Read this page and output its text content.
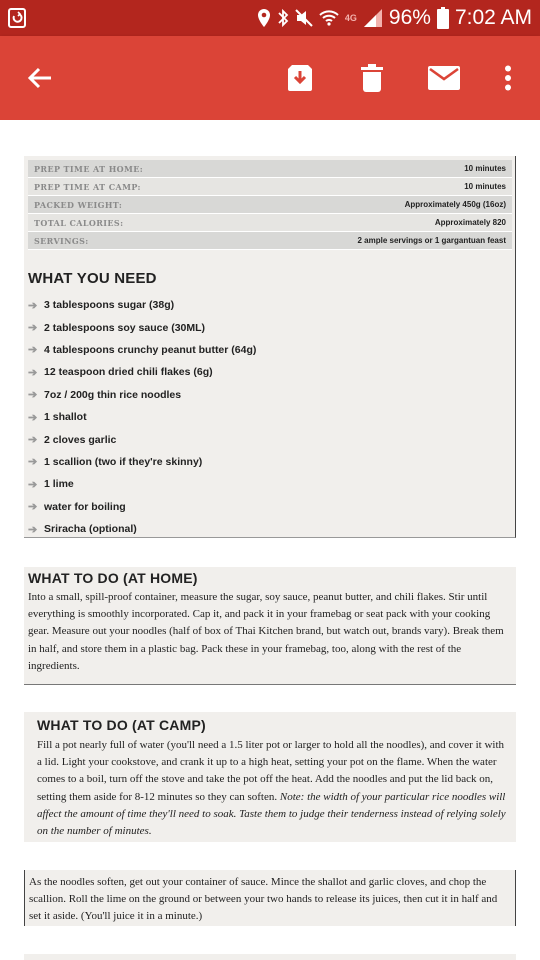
4G 96% 7:02 AM
PREP TIME AT HOME:	10 minutes
PREP TIME AT CAMP:	10 minutes
PACKED WEIGHT:	Approximately 450g (16oz)
TOTAL CALORIES:	Approximately 820
SERVINGS:	2 ample servings or 1 gargantuan feast
WHAT YOU NEED
➔ 3 tablespoons sugar (38g)
➔ 2 tablespoons soy sauce (30ML)
➔ 4 tablespoons crunchy peanut butter (64g)
➔ 12 teaspoon dried chili flakes (6g)
➔ 7oz / 200g thin rice noodles
➔ 1 shallot
➔ 2 cloves garlic
➔ 1 scallion (two if they're skinny)
➔ 1 lime
➔ water for boiling
➔ Sriracha (optional)
WHAT TO DO (AT HOME)
Into a small, spill-proof container, measure the sugar, soy sauce, peanut butter, and chili flakes. Stir until everything is smoothly incorporated. Cap it, and pack it in your framebag or seat pack with your cooking gear. Measure out your noodles (half of box of Thai Kitchen brand, but watch out, brands vary). Break them in half, and store them in a plastic bag. Pack these in your framebag, too, along with the rest of the ingredients.
WHAT TO DO (AT CAMP)
Fill a pot nearly full of water (you'll need a 1.5 liter pot or larger to hold all the noodles), and cover it with a lid. Light your cookstove, and crank it up to a high heat, setting your pot on the flame. When the water comes to a boil, turn off the stove and take the pot off the heat. Add the noodles and put the lid back on, setting them aside for 8-12 minutes so they can soften. Note: the width of your particular rice noodles will affect the amount of time they'll need to soak. Taste them to judge their tenderness instead of relying solely on the number of minutes.
As the noodles soften, get out your container of sauce. Mince the shallot and garlic cloves, and chop the scallion. Roll the lime on the ground or between your two hands to release its juices, then cut it in half and set it aside. (You'll juice it in a minute.)
